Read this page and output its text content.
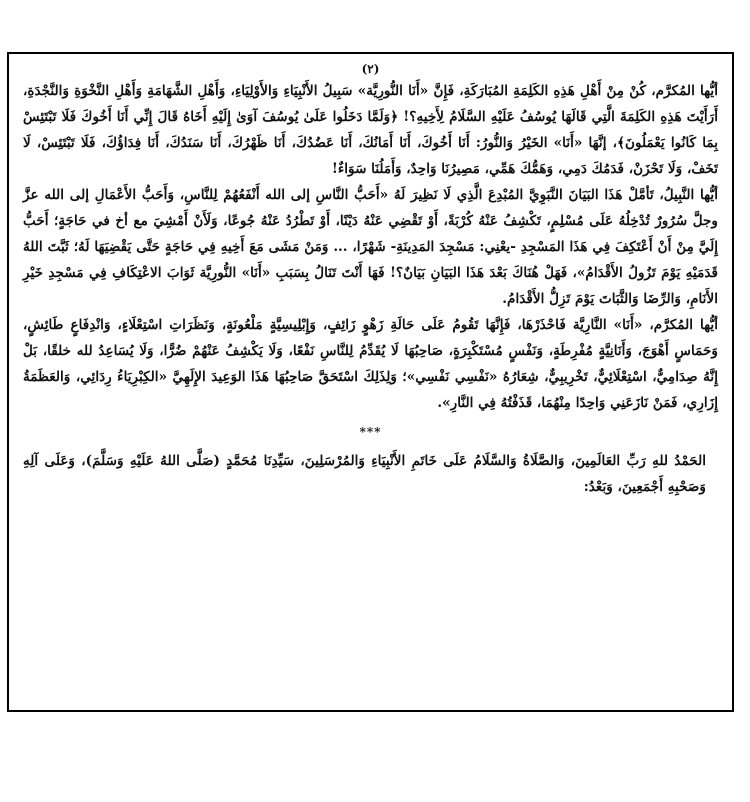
(٢)

أيُّها المُكرَّم، كُنْ مِنْ أَهْلِ هَذِهِ الكَلِمَةِ المُبَارَكَةِ، فَإِنَّ «أَنَا النُّورِيَّة» سَبِيلُ الأَنْبِيَاءِ وَالأَوْلِيَاءِ، وَأَهْلِ الشَّهَامَةِ وَأَهْلِ النَّخْوَةِ وَالنَّجْدَةِ، أَرَأَيْتَ هَذِهِ الكَلِمَةَ الَّتِي قَالَهَا يُوسُفُ عَلَيْهِ السَّلَامُ لِأَخِيهِ؟! ﴿وَلَمَّا دَخَلُوا عَلَىٰ يُوسُفَ آوَىٰ إِلَيْهِ أَخَاهُ قَالَ إِنِّي أَنَا أَخُوكَ فَلَا تَبْتَئِسْ بِمَا كَانُوا يَعْمَلُونَ﴾، إنَّهَا «أَنَا» الخَيْرُ وَالنُّورُ: أَنَا أَخُوكَ، أَنَا أَمَانُكَ، أَنَا عَضُدُكَ، أَنَا ظَهْرُكَ، أَنَا سَنَدُكَ، أَنَا فِدَاؤُكَ، فَلَا تَبْتَئِسْ، لَا تَخَفْ، وَلَا تَحْزَنْ، فَدَمُكَ دَمِي، وَهَمُّكَ هَمِّي، مَصِيرُنَا وَاحِدٌ، وَأَمَلُنَا سَوَاءٌ!

أيُّها النَّبِيلُ، تَأمَّلْ هَذَا البَيَانَ النَّبَوِيَّ المُبْدِعَ الَّذِي لَا نَظِيرَ لَهُ «أَحَبُّ النَّاسِ إلى الله أَنْفَعُهُمْ لِلنَّاسِ، وَأَحَبُّ الأَعْمَالِ إلى الله عزَّ وجلَّ سُرُورٌ تُدْخِلُهُ عَلَى مُسْلِمٍ، تَكْشِفُ عَنْهُ كُرْبَةً، أَوْ تَقْضِي عَنْهُ دَيْنًا، أَوْ تَطْرُدُ عَنْهُ جُوعًا، وَلَأَنْ أَمْشِيَ مع أخ في حَاجَةٍ؛ أَحَبُّ إِلَيَّ مِنْ أَنْ أَعْتَكِفَ فِي هَذَا المَسْجِدِ -يعْنِي: مَسْجِدَ المَدِينَةِ- شَهْرًا، ... وَمَنْ مَشَى مَعَ أَخِيهِ فِي حَاجَةٍ حَتَّى يَقْضِيَهَا لَهُ؛ ثَبَّتَ اللهُ قَدَمَيْهِ يَوْمَ تَزُولُ الأَقْدَامُ»، فَهَلْ هُنَاكَ بَعْدَ هَذَا البَيَانِ بَيَانٌ؟! فَهَا أَنْتَ تَنَالُ بِسَبَبِ «أَنَا» النُّورِيَّة ثَوَابَ الاعْتِكَافِ فِي مَسْجِدِ خَيْرِ الأَنَامِ، وَالرِّضَا وَالثَّبَاتَ يَوْمَ تَزِلُّ الأَقْدَامُ.

أيُّها المُكرَّم، «أَنَا» النَّارِيَّة فَاحْذَرْهَا، فَإِنَّهَا تَقُومُ عَلَى حَالَةِ زَهْوٍ زَائِفٍ، وَإِبْلِيسِيَّةٍ مَلْعُونَةٍ، وَنَظَرَاتِ اسْتِعْلَاءٍ، وَانْدِفَاعٍ طَائِشٍ، وَحَمَاسٍ أَهْوَجَ، وَأَنَانِيَّةٍ مُفْرِطَةٍ، وَنَفْسٍ مُسْتَكْبِرَةٍ، صَاحِبُهَا لَا يُقَدِّمُ لِلنَّاسِ نَفْعًا، وَلَا يَكْشِفُ عَنْهُمْ ضُرًّا، وَلَا يُسَاعِدُ لله خلقًا، بَلْ إِنَّهُ صِدَامِيٌّ، اسْتِعْلَائِيٌّ، تَخْرِيبِيٌّ، شِعَارُهُ «نَفْسِي نَفْسِي»؛ وَلِذَلِكَ اسْتَحَقَّ صَاحِبُهَا هَذَا الوَعِيدَ الإِلَهِيَّ «الكِبْرِيَاءُ رِدَائِي، وَالعَظَمَةُ إِزَارِي، فَمَنْ نَازَعَنِي وَاحِدًا مِنْهُمَا، قَذَفْتُهُ فِي النَّارِ».

***

الحَمْدُ للهِ رَبِّ العَالَمِينَ، وَالصَّلَاةُ وَالسَّلَامُ عَلَى خَاتَمِ الأَنْبِيَاءِ وَالمُرْسَلِينَ، سَيِّدِنَا مُحَمَّدٍ (صَلَّى اللهُ عَلَيْهِ وَسَلَّمَ)، وَعَلَى آلِهِ وَصَحْبِهِ أَجْمَعِينَ، وَبَعْدُ:
